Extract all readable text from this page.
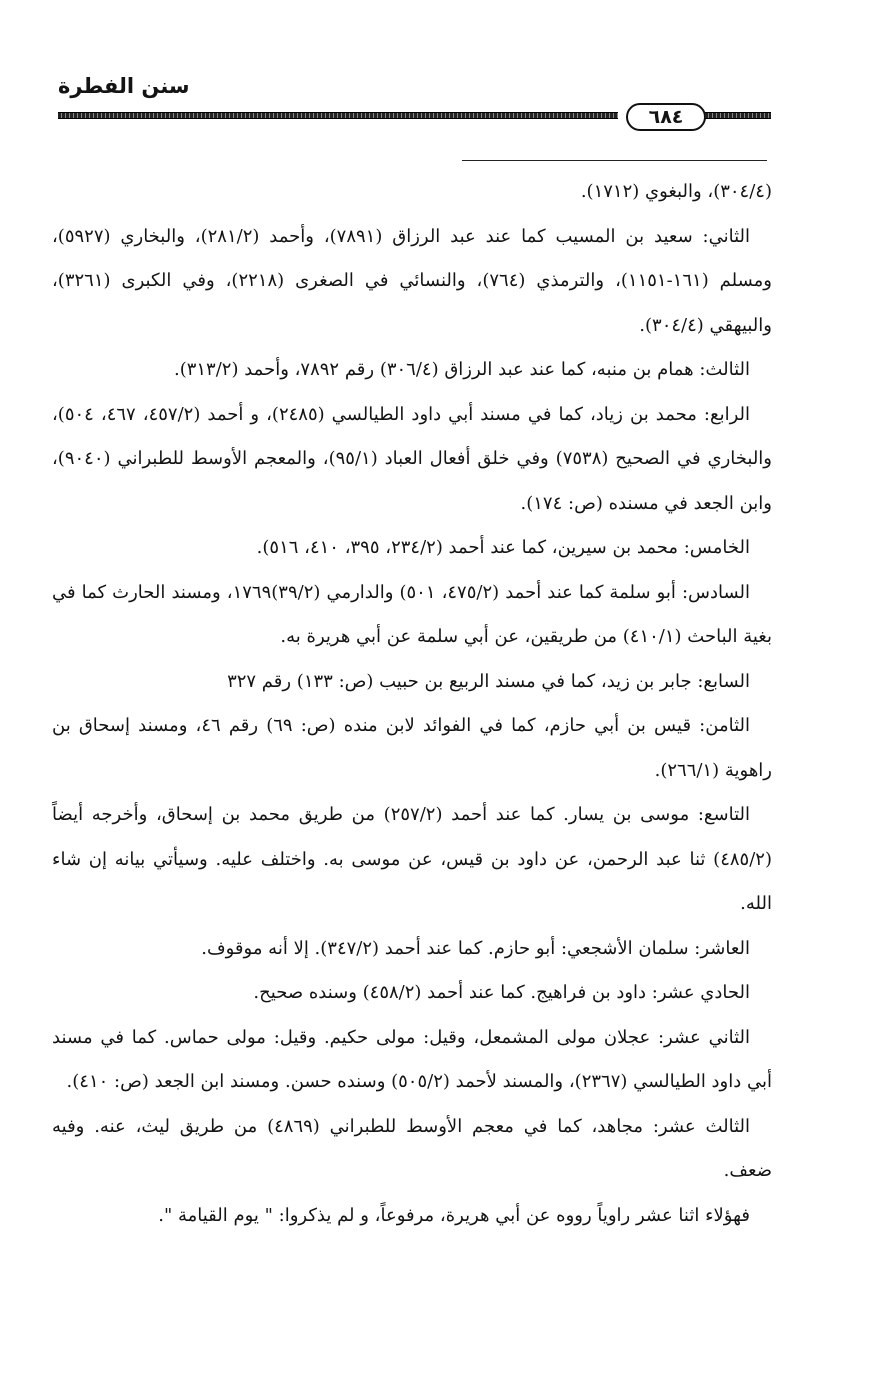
سنن الفطرة
٦٨٤

(٣٠٤/٤)، والبغوي (١٧١٢).

الثاني: سعيد بن المسيب كما عند عبد الرزاق (٧٨٩١)، وأحمد (٢٨١/٢)، والبخاري (٥٩٢٧)، ومسلم (١٦١-١١٥١)، والترمذي (٧٦٤)، والنسائي في الصغرى (٢٢١٨)، وفي الكبرى (٣٢٦١)، والبيهقي (٣٠٤/٤).

الثالث: همام بن منبه، كما عند عبد الرزاق (٣٠٦/٤) رقم ٧٨٩٢، وأحمد (٣١٣/٢).

الرابع: محمد بن زياد، كما في مسند أبي داود الطيالسي (٢٤٨٥)، و أحمد (٤٥٧/٢، ٤٦٧، ٥٠٤)، والبخاري في الصحيح (٧٥٣٨) وفي خلق أفعال العباد (٩٥/١)، والمعجم الأوسط للطبراني (٩٠٤٠)، وابن الجعد في مسنده (ص: ١٧٤).

الخامس: محمد بن سيرين، كما عند أحمد (٢٣٤/٢، ٣٩٥، ٤١٠، ٥١٦).

السادس: أبو سلمة كما عند أحمد (٤٧٥/٢، ٥٠١) والدارمي (٣٩/٢)١٧٦٩، ومسند الحارث كما في بغية الباحث (٤١٠/١) من طريقين، عن أبي سلمة عن أبي هريرة به.

السابع: جابر بن زيد، كما في مسند الربيع بن حبيب (ص: ١٣٣) رقم ٣٢٧

الثامن: قيس بن أبي حازم، كما في الفوائد لابن منده (ص: ٦٩) رقم ٤٦، ومسند إسحاق بن راهوية (٢٦٦/١).

التاسع: موسى بن يسار. كما عند أحمد (٢٥٧/٢) من طريق محمد بن إسحاق، وأخرجه أيضاً (٤٨٥/٢) ثنا عبد الرحمن، عن داود بن قيس، عن موسى به. واختلف عليه. وسيأتي بيانه إن شاء الله.

العاشر: سلمان الأشجعي: أبو حازم. كما عند أحمد (٣٤٧/٢). إلا أنه موقوف.

الحادي عشر: داود بن فراهيج. كما عند أحمد (٤٥٨/٢) وسنده صحيح.

الثاني عشر: عجلان مولى المشمعل، وقيل: مولى حكيم. وقيل: مولى حماس. كما في مسند أبي داود الطيالسي (٢٣٦٧)، والمسند لأحمد (٥٠٥/٢) وسنده حسن. ومسند ابن الجعد (ص: ٤١٠).

الثالث عشر: مجاهد، كما في معجم الأوسط للطبراني (٤٨٦٩) من طريق ليث، عنه. وفيه ضعف.

فهؤلاء اثنا عشر راوياً رووه عن أبي هريرة، مرفوعاً، و لم يذكروا: " يوم القيامة ".
